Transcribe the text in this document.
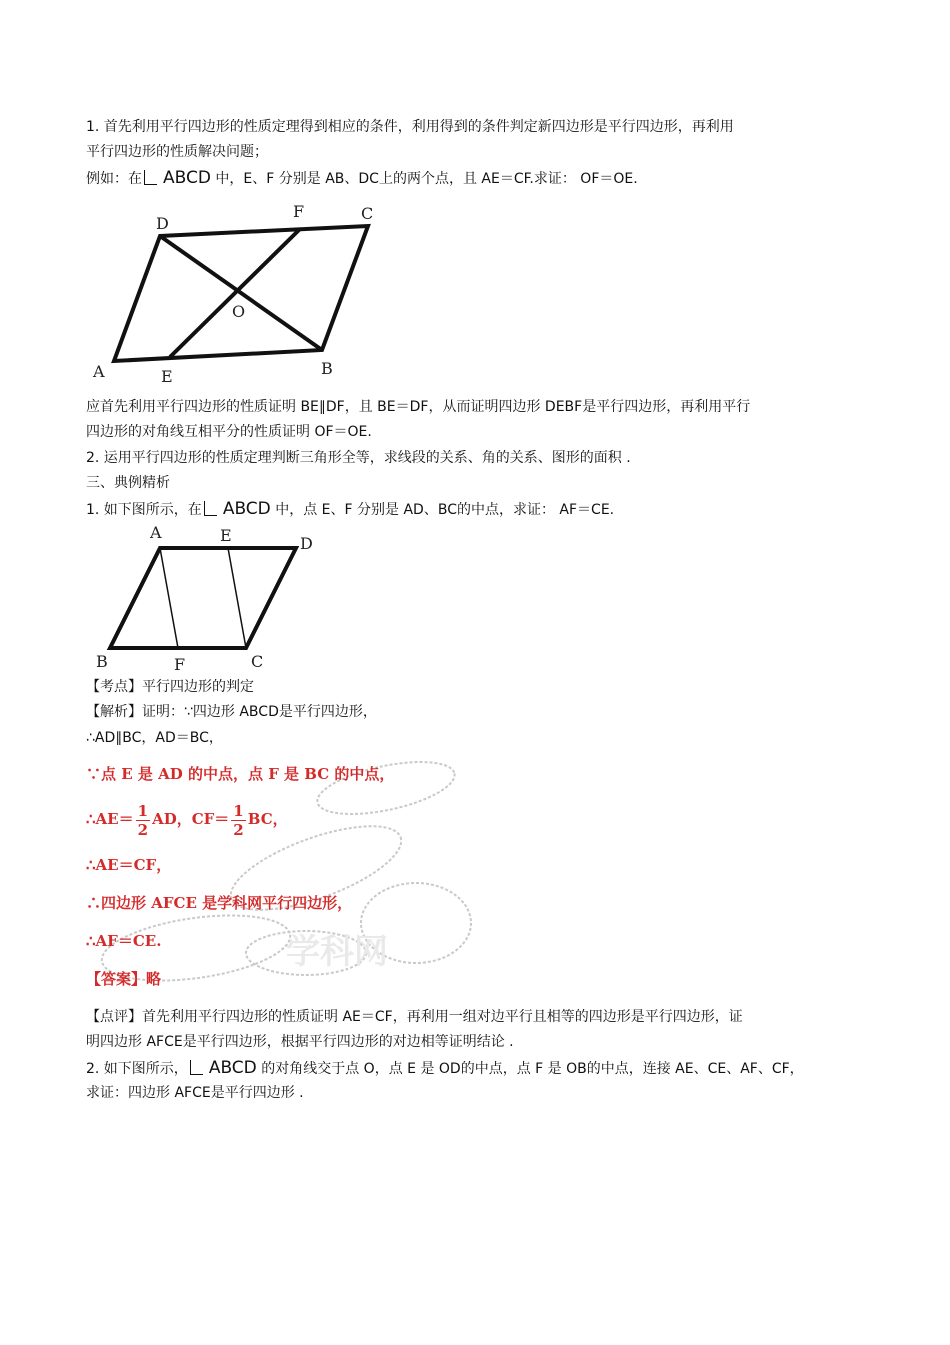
1. 首先利用平行四边形的性质定理得到相应的条件，利用得到的条件判定新四边形是平行四边形，再利用
平行四边形的性质解决问题；
例如：在 ABCD 中，E、F 分别是 AB、DC上的两个点，且 AE＝CF.求证： OF＝OE.
D
F	C
O
A	E	B
应首先利用平行四边形的性质证明 BE∥DF，且 BE＝DF，从而证明四边形 DEBF是平行四边形，再利用平行
四边形的对角线互相平分的性质证明 OF＝OE.
2. 运用平行四边形的性质定理判断三角形全等，求线段的关系、角的关系、图形的面积 .
三、典例精析
1. 如下图所示，在 ABCD 中，点 E、F 分别是 AD、BC的中点，求证： AF＝CE.
A	E	D
B	F	C
【考点】平行四边形的判定
【解析】证明：∵四边形 ABCD是平行四边形，
∴AD∥BC，AD＝BC，
学科网
∵点 E 是 AD 的中点，点 F 是 BC 的中点，
∴AE＝ $\frac{1}{2}$ AD，$CF= \frac{1}{2}$ BC，
∴AE＝CF，
∴四边形 AFCE 是学科网平行四边形，
∴AF＝CE.
【答案】略
【点评】首先利用平行四边形的性质证明 AE＝CF，再利用一组对边平行且相等的四边形是平行四边形，证
明四边形 AFCE是平行四边形，根据平行四边形的对边相等证明结论 .
2. 如下图所示， ABCD 的对角线交于点 O，点 E 是 OD的中点，点 F 是 OB的中点，连接 AE、CE、AF、CF，
求证：四边形 AFCE是平行四边形 .
